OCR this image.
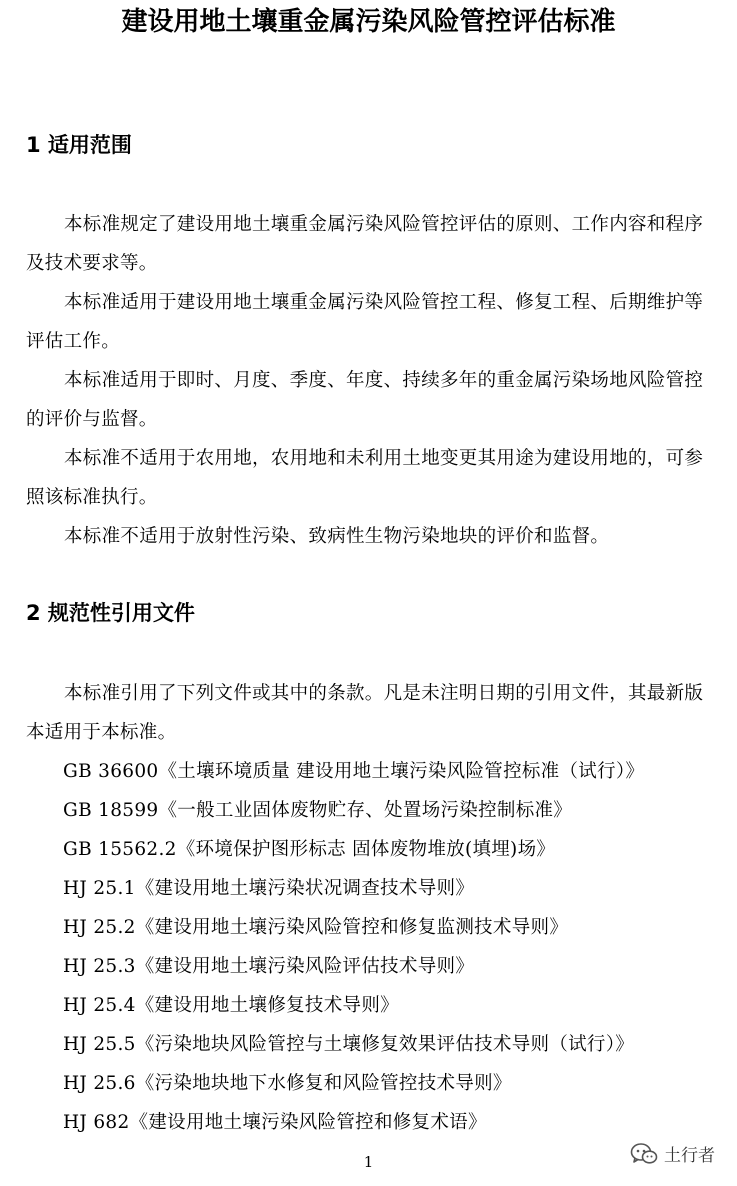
建设用地土壤重金属污染风险管控评估标准
1 适用范围
本标准规定了建设用地土壤重金属污染风险管控评估的原则、工作内容和程序及技术要求等。
本标准适用于建设用地土壤重金属污染风险管控工程、修复工程、后期维护等评估工作。
本标准适用于即时、月度、季度、年度、持续多年的重金属污染场地风险管控的评价与监督。
本标准不适用于农用地，农用地和未利用土地变更其用途为建设用地的，可参照该标准执行。
本标准不适用于放射性污染、致病性生物污染地块的评价和监督。
2 规范性引用文件
本标准引用了下列文件或其中的条款。凡是未注明日期的引用文件，其最新版本适用于本标准。
GB 36600《土壤环境质量 建设用地土壤污染风险管控标准（试行）》
GB 18599《一般工业固体废物贮存、处置场污染控制标准》
GB 15562.2《环境保护图形标志 固体废物堆放(填埋)场》
HJ 25.1《建设用地土壤污染状况调查技术导则》
HJ 25.2《建设用地土壤污染风险管控和修复监测技术导则》
HJ 25.3《建设用地土壤污染风险评估技术导则》
HJ 25.4《建设用地土壤修复技术导则》
HJ 25.5《污染地块风险管控与土壤修复效果评估技术导则（试行）》
HJ 25.6《污染地块地下水修复和风险管控技术导则》
HJ 682《建设用地土壤污染风险管控和修复术语》
1	土行者
